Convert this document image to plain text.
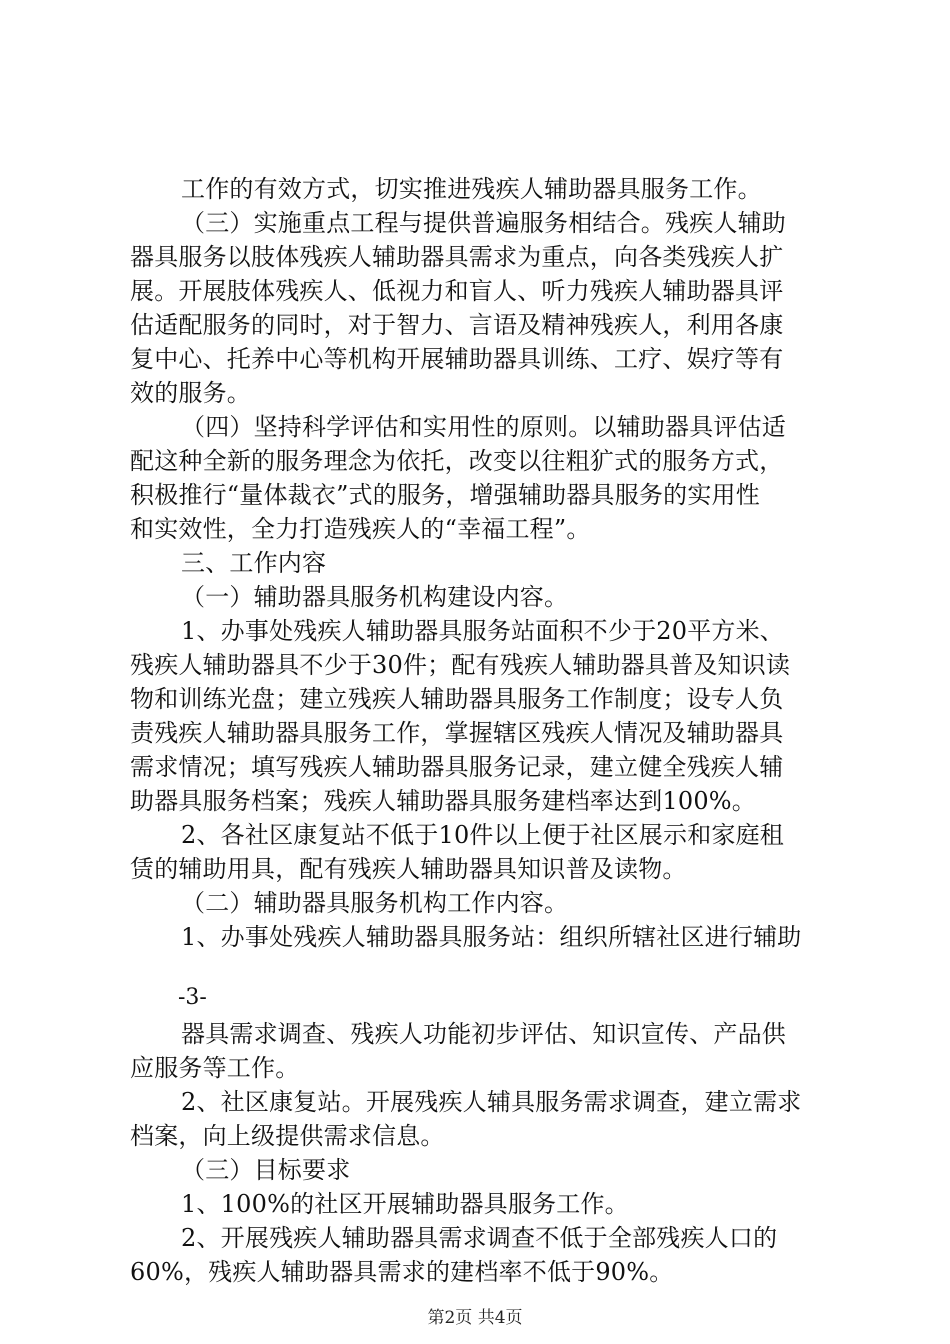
工作的有效方式，切实推进残疾人辅助器具服务工作。
（三）实施重点工程与提供普遍服务相结合。残疾人辅助
器具服务以肢体残疾人辅助器具需求为重点，向各类残疾人扩
展。开展肢体残疾人、低视力和盲人、听力残疾人辅助器具评
估适配服务的同时，对于智力、言语及精神残疾人，利用各康
复中心、托养中心等机构开展辅助器具训练、工疗、娱疗等有
效的服务。
（四）坚持科学评估和实用性的原则。以辅助器具评估适
配这种全新的服务理念为依托，改变以往粗犷式的服务方式，
积极推行“量体裁衣”式的服务，增强辅助器具服务的实用性
和实效性，全力打造残疾人的“幸福工程”。
三、工作内容
（一）辅助器具服务机构建设内容。
1、办事处残疾人辅助器具服务站面积不少于20平方米、
残疾人辅助器具不少于30件；配有残疾人辅助器具普及知识读
物和训练光盘；建立残疾人辅助器具服务工作制度；设专人负
责残疾人辅助器具服务工作，掌握辖区残疾人情况及辅助器具
需求情况；填写残疾人辅助器具服务记录，建立健全残疾人辅
助器具服务档案；残疾人辅助器具服务建档率达到100%。
2、各社区康复站不低于10件以上便于社区展示和家庭租
赁的辅助用具，配有残疾人辅助器具知识普及读物。
（二）辅助器具服务机构工作内容。
1、办事处残疾人辅助器具服务站：组织所辖社区进行辅助
-3-
器具需求调查、残疾人功能初步评估、知识宣传、产品供
应服务等工作。
2、社区康复站。开展残疾人辅具服务需求调查，建立需求
档案，向上级提供需求信息。
（三）目标要求
1、100%的社区开展辅助器具服务工作。
2、开展残疾人辅助器具需求调查不低于全部残疾人口的
60%，残疾人辅助器具需求的建档率不低于90%。
第2页 共4页
